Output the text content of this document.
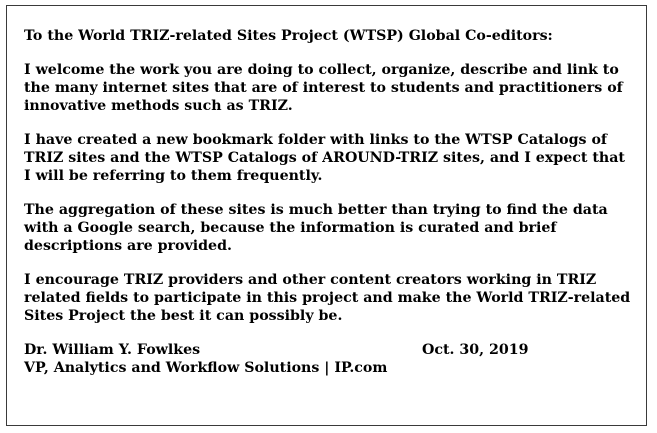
To the World TRIZ-related Sites Project (WTSP) Global Co-editors:

I welcome the work you are doing to collect, organize, describe and link to the many internet sites that are of interest to students and practitioners of innovative methods such as TRIZ.

I have created a new bookmark folder with links to the WTSP Catalogs of TRIZ sites and the WTSP Catalogs of AROUND-TRIZ sites, and I expect that I will be referring to them frequently.

The aggregation of these sites is much better than trying to find the data with a Google search, because the information is curated and brief descriptions are provided.

I encourage TRIZ providers and other content creators working in TRIZ related fields to participate in this project and make the World TRIZ-related Sites Project the best it can possibly be.

Dr. William Y. Fowlkes	Oct. 30, 2019
VP, Analytics and Workflow Solutions | IP.com
